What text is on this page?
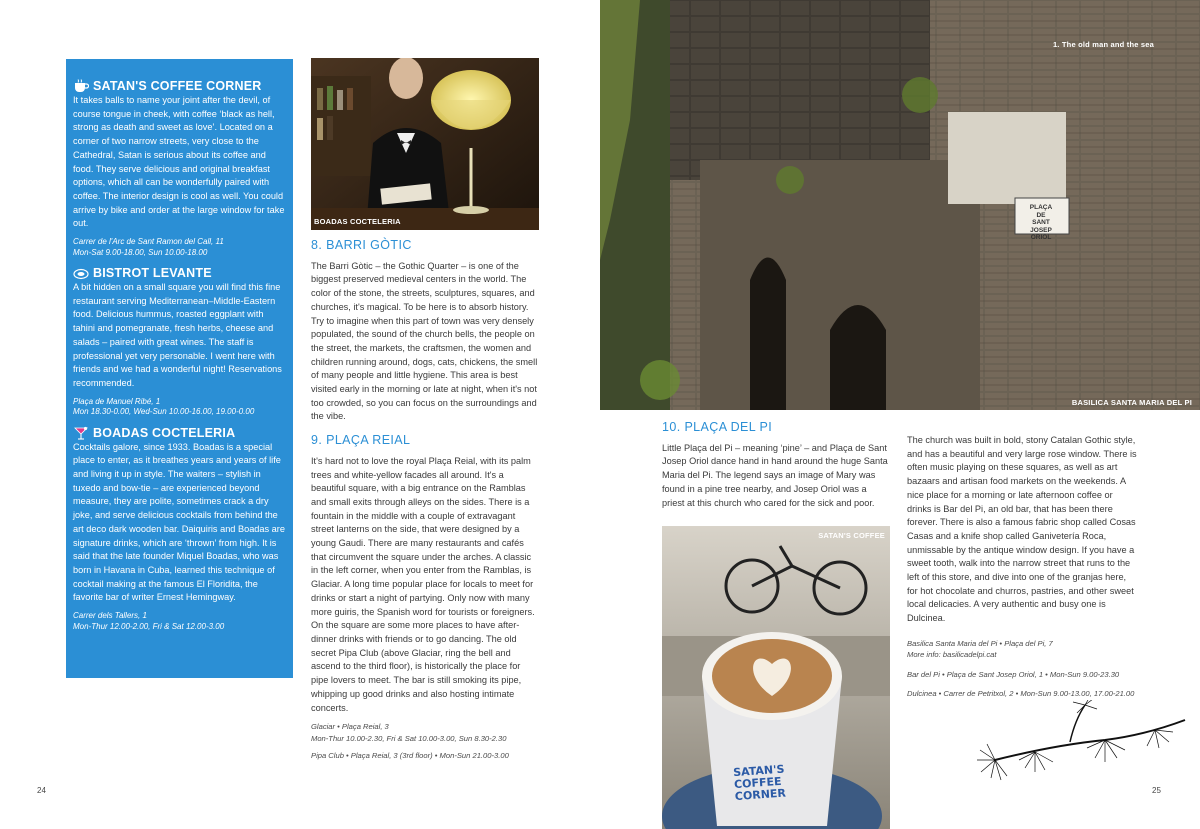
SATAN'S COFFEE CORNER
It takes balls to name your joint after the devil, of course tongue in cheek, with coffee ‘black as hell, strong as death and sweet as love’. Located on a corner of two narrow streets, very close to the Cathedral, Satan is serious about its coffee and food. They serve delicious and original breakfast options, which all can be wonderfully paired with coffee. The interior design is cool as well. You could arrive by bike and order at the large window for take out.
Carrer de l'Arc de Sant Ramon del Call, 11
Mon-Sat 9.00-18.00, Sun 10.00-18.00
BISTROT LEVANTE
A bit hidden on a small square you will find this fine restaurant serving Mediterranean–Middle-Eastern food. Delicious hummus, roasted eggplant with tahini and pomegranate, fresh herbs, cheese and salads – paired with great wines. The staff is professional yet very personable. I went here with friends and we had a wonderful night! Reservations recommended.
Plaça de Manuel Ribé, 1
Mon 18.30-0.00, Wed-Sun 10.00-16.00, 19.00-0.00
BOADAS COCTELERIA
Cocktails galore, since 1933. Boadas is a special place to enter, as it breathes years and years of life and living it up in style. The waiters – stylish in tuxedo and bow-tie – are experienced beyond measure, they are polite, sometimes crack a dry joke, and serve delicious cocktails from behind the art deco dark wooden bar. Daiquiris and Boadas are signature drinks, which are ‘thrown’ from high. It is said that the late founder Miquel Boadas, who was born in Havana in Cuba, learned this technique of cocktail making at the famous El Floridita, the favorite bar of writer Ernest Hemingway.
Carrer dels Tallers, 1
Mon-Thur 12.00-2.00, Fri & Sat 12.00-3.00
BOADAS COCTELERIA
8. BARRI GÒTIC
The Barri Gòtic – the Gothic Quarter – is one of the biggest preserved medieval centers in the world. The color of the stone, the streets, sculptures, squares, and churches, it's magical. To be here is to absorb history. Try to imagine when this part of town was very densely populated, the sound of the church bells, the people on the street, the markets, the craftsmen, the women and children running around, dogs, cats, chickens, the smell of many people and little hygiene. This area is best visited early in the morning or late at night, when it's not too crowded, so you can focus on the surroundings and the vibe.
9. PLAÇA REIAL
It's hard not to love the royal Plaça Reial, with its palm trees and white-yellow facades all around. It's a beautiful square, with a big entrance on the Ramblas and small exits through alleys on the sides. There is a fountain in the middle with a couple of extravagant street lanterns on the side, that were designed by a young Gaudi. There are many restaurants and cafés that circumvent the square under the arches. A classic in the left corner, when you enter from the Ramblas, is Glaciar. A long time popular place for locals to meet for drinks or start a night of partying. Only now with many more guiris, the Spanish word for tourists or foreigners. On the square are some more places to have after-dinner drinks with friends or to go dancing. The old secret Pipa Club (above Glaciar, ring the bell and ascend to the third floor), is historically the place for pipe lovers to meet. The bar is still smoking its pipe, whipping up good drinks and also hosting intimate concerts.
Glaciar • Plaça Reial, 3
Mon-Thur 10.00-2.30, Fri & Sat 10.00-3.00, Sun 8.30-2.30
Pipa Club • Plaça Reial, 3 (3rd floor) • Mon-Sun 21.00-3.00
24
PLAÇA
DE
SANT JOSEP
ORIOL
1. The old man and the sea
BASILICA SANTA MARIA DEL PI
10. PLAÇA DEL PI
Little Plaça del Pi – meaning ‘pine’ – and Plaça de Sant Josep Oriol dance hand in hand around the huge Santa Maria del Pi. The legend says an image of Mary was found in a pine tree nearby, and Josep Oriol was a priest at this church who cared for the sick and poor.
SATAN'S COFFEE CORNER
SATAN'S COFFEE
The church was built in bold, stony Catalan Gothic style, and has a beautiful and very large rose window. There is often music playing on these squares, as well as art bazaars and artisan food markets on the weekends. A nice place for a morning or late afternoon coffee or drinks is Bar del Pi, an old bar, that has been there forever. There is also a famous fabric shop called Cosas Casas and a knife shop called Ganivetería Roca, unmissable by the antique window design. If you have a sweet tooth, walk into the narrow street that runs to the left of this store, and dive into one of the granjas here, for hot chocolate and churros, pastries, and other sweet local delicacies. A very authentic and busy one is Dulcinea.
Basilica Santa Maria del Pi • Plaça del Pi, 7
More info: basilicadelpi.cat
Bar del Pi • Plaça de Sant Josep Oriol, 1 • Mon-Sun 9.00-23.30
Dulcinea • Carrer de Petritxol, 2 • Mon-Sun 9.00-13.00, 17.00-21.00
25
